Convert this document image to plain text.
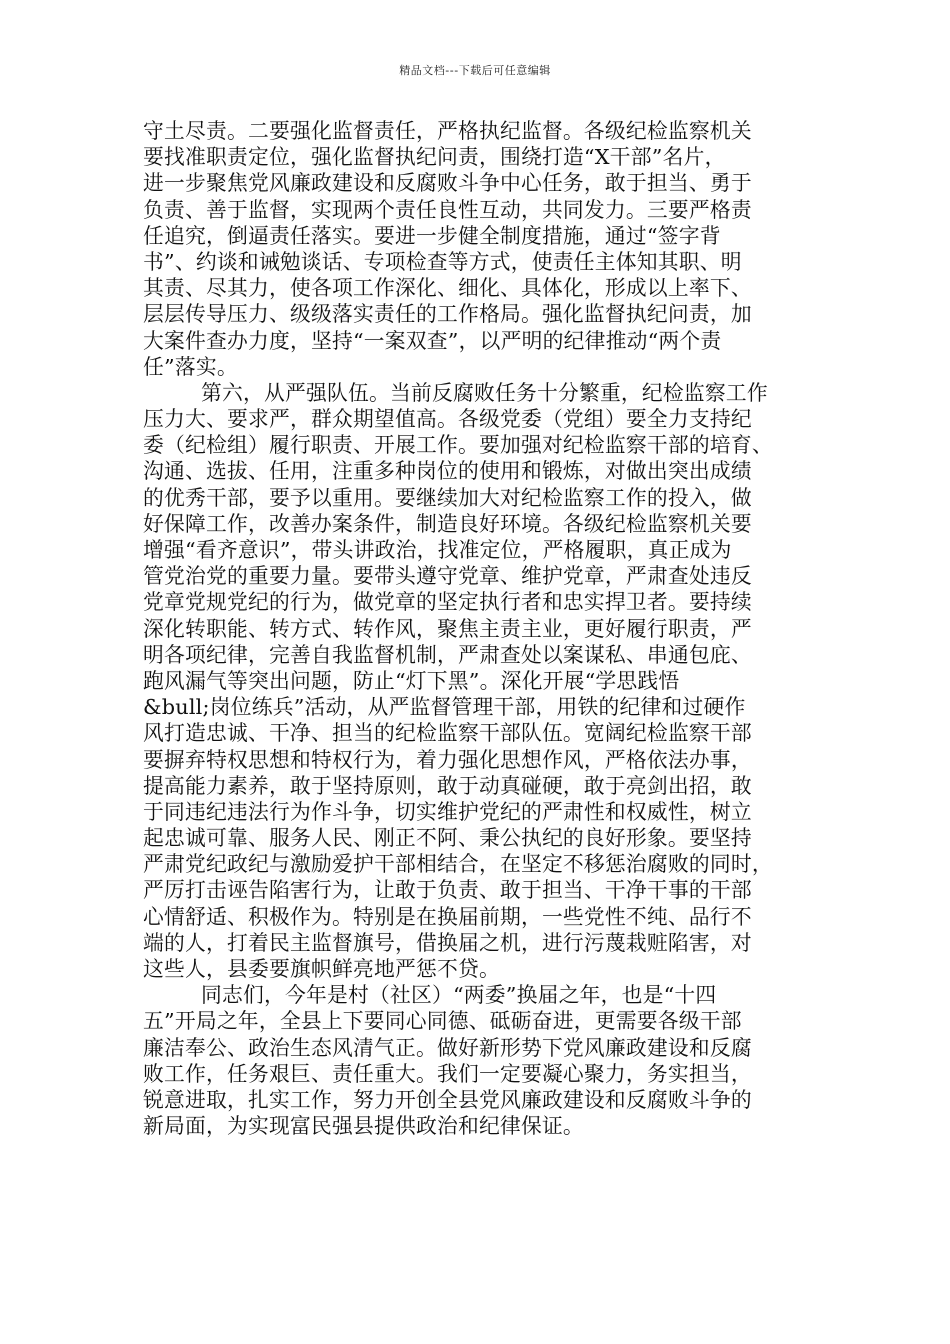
精品文档---下载后可任意编辑
守土尽责。二要强化监督责任，严格执纪监督。各级纪检监察机关
要找准职责定位，强化监督执纪问责，围绕打造“X干部”名片，
进一步聚焦党风廉政建设和反腐败斗争中心任务，敢于担当、勇于
负责、善于监督，实现两个责任良性互动，共同发力。三要严格责
任追究，倒逼责任落实。要进一步健全制度措施，通过“签字背
书”、约谈和诫勉谈话、专项检查等方式，使责任主体知其职、明
其责、尽其力，使各项工作深化、细化、具体化，形成以上率下、
层层传导压力、级级落实责任的工作格局。强化监督执纪问责，加
大案件查办力度，坚持“一案双查”，以严明的纪律推动“两个责
任”落实。
第六，从严强队伍。当前反腐败任务十分繁重，纪检监察工作
压力大、要求严，群众期望值高。各级党委（党组）要全力支持纪
委（纪检组）履行职责、开展工作。要加强对纪检监察干部的培育、
沟通、选拔、任用，注重多种岗位的使用和锻炼，对做出突出成绩
的优秀干部，要予以重用。要继续加大对纪检监察工作的投入，做
好保障工作，改善办案条件，制造良好环境。各级纪检监察机关要
增强“看齐意识”，带头讲政治，找准定位，严格履职，真正成为
管党治党的重要力量。要带头遵守党章、维护党章，严肃查处违反
党章党规党纪的行为，做党章的坚定执行者和忠实捍卫者。要持续
深化转职能、转方式、转作风，聚焦主责主业，更好履行职责，严
明各项纪律，完善自我监督机制，严肃查处以案谋私、串通包庇、
跑风漏气等突出问题，防止“灯下黑”。深化开展“学思践悟
&bull;岗位练兵”活动，从严监督管理干部，用铁的纪律和过硬作
风打造忠诚、干净、担当的纪检监察干部队伍。宽阔纪检监察干部
要摒弃特权思想和特权行为，着力强化思想作风，严格依法办事，
提高能力素养，敢于坚持原则，敢于动真碰硬，敢于亮剑出招，敢
于同违纪违法行为作斗争，切实维护党纪的严肃性和权威性，树立
起忠诚可靠、服务人民、刚正不阿、秉公执纪的良好形象。要坚持
严肃党纪政纪与激励爱护干部相结合，在坚定不移惩治腐败的同时，
严厉打击诬告陷害行为，让敢于负责、敢于担当、干净干事的干部
心情舒适、积极作为。特别是在换届前期，一些党性不纯、品行不
端的人，打着民主监督旗号，借换届之机，进行污蔑栽赃陷害，对
这些人，县委要旗帜鲜亮地严惩不贷。
同志们，今年是村（社区）“两委”换届之年，也是“十四
五”开局之年，全县上下要同心同德、砥砺奋进，更需要各级干部
廉洁奉公、政治生态风清气正。做好新形势下党风廉政建设和反腐
败工作，任务艰巨、责任重大。我们一定要凝心聚力，务实担当，
锐意进取，扎实工作，努力开创全县党风廉政建设和反腐败斗争的
新局面，为实现富民强县提供政治和纪律保证。
